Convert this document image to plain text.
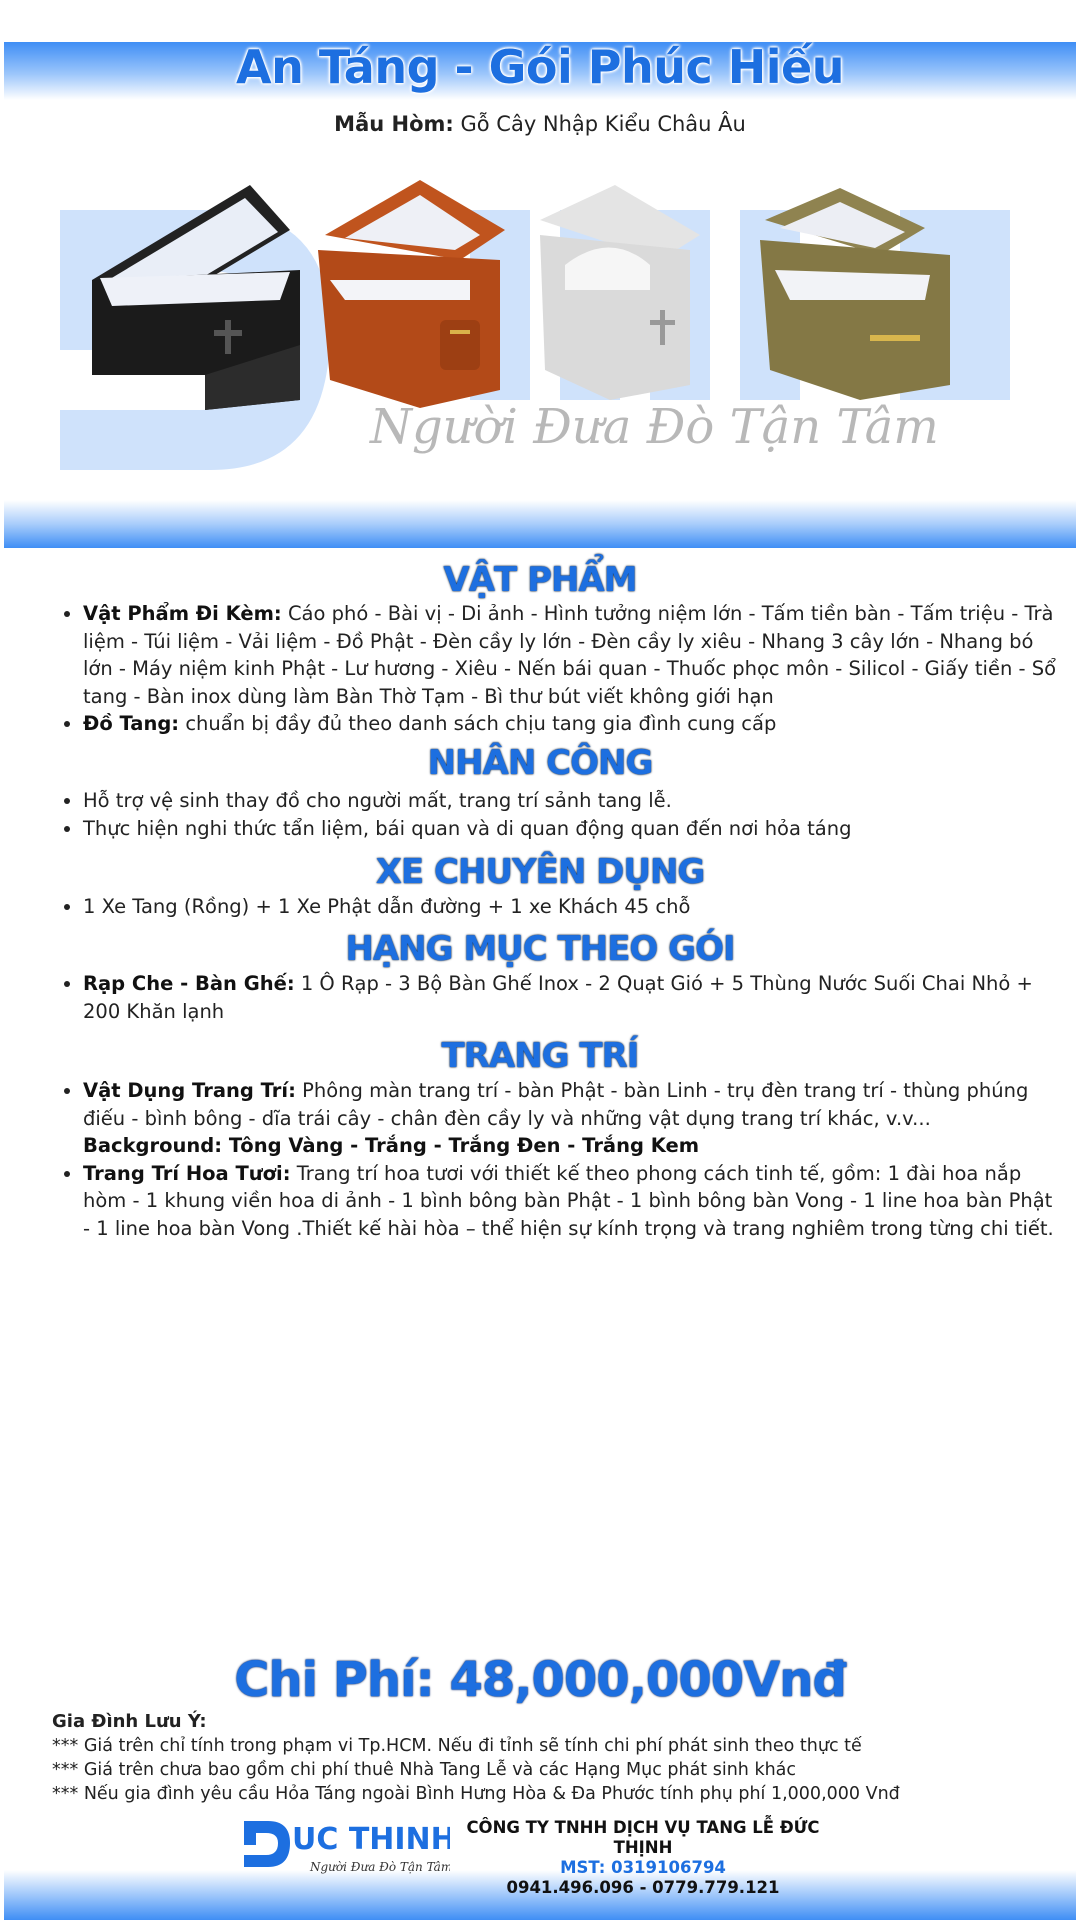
An Táng - Gói Phúc Hiếu
Mẫu Hòm: Gỗ Cây Nhập Kiểu Châu Âu
Người Đưa Đò Tận Tâm
VẬT PHẨM
• Vật Phẩm Đi Kèm: Cáo phó - Bài vị - Di ảnh - Hình tưởng niệm lớn - Tấm tiền bàn - Tấm triệu - Trà liệm - Túi liệm - Vải liệm - Đồ Phật - Đèn cầy ly lớn - Đèn cầy ly xiêu - Nhang 3 cây lớn - Nhang bó lớn - Máy niệm kinh Phật - Lư hương - Xiêu - Nến bái quan - Thuốc phọc môn - Silicol - Giấy tiền - Sổ tang - Bàn inox dùng làm Bàn Thờ Tạm - Bì thư bút viết không giới hạn
• Đồ Tang: chuẩn bị đầy đủ theo danh sách chịu tang gia đình cung cấp
NHÂN CÔNG
• Hỗ trợ vệ sinh thay đồ cho người mất, trang trí sảnh tang lễ.
• Thực hiện nghi thức tẩn liệm, bái quan và di quan động quan đến nơi hỏa táng
XE CHUYÊN DỤNG
• 1 Xe Tang (Rồng) + 1 Xe Phật dẫn đường + 1 xe Khách 45 chỗ
HẠNG MỤC THEO GÓI
• Rạp Che - Bàn Ghế: 1 Ô Rạp - 3 Bộ Bàn Ghế Inox - 2 Quạt Gió + 5 Thùng Nước Suối Chai Nhỏ + 200 Khăn lạnh
TRANG TRÍ
• Vật Dụng Trang Trí: Phông màn trang trí - bàn Phật - bàn Linh - trụ đèn trang trí - thùng phúng điếu - bình bông - dĩa trái cây - chân đèn cầy ly và những vật dụng trang trí khác, v.v...
Background: Tông Vàng - Trắng - Trắng Đen - Trắng Kem
• Trang Trí Hoa Tươi: Trang trí hoa tươi với thiết kế theo phong cách tinh tế, gồm: 1 đài hoa nắp hòm - 1 khung viền hoa di ảnh - 1 bình bông bàn Phật - 1 bình bông bàn Vong - 1 line hoa bàn Phật - 1 line hoa bàn Vong .Thiết kế hài hòa – thể hiện sự kính trọng và trang nghiêm trong từng chi tiết.
Chi Phí: 48,000,000Vnđ
Gia Đình Lưu Ý:
*** Giá trên chỉ tính trong phạm vi Tp.HCM. Nếu đi tỉnh sẽ tính chi phí phát sinh theo thực tế
*** Giá trên chưa bao gồm chi phí thuê Nhà Tang Lễ và các Hạng Mục phát sinh khác
*** Nếu gia đình yêu cầu Hỏa Táng ngoài Bình Hưng Hòa & Đa Phước tính phụ phí 1,000,000 Vnđ
UC THINH
Người Đưa Đò Tận Tâm
CÔNG TY TNHH DỊCH VỤ TANG LỄ ĐỨC THỊNH
MST: 0319106794
0941.496.096 - 0779.779.121
